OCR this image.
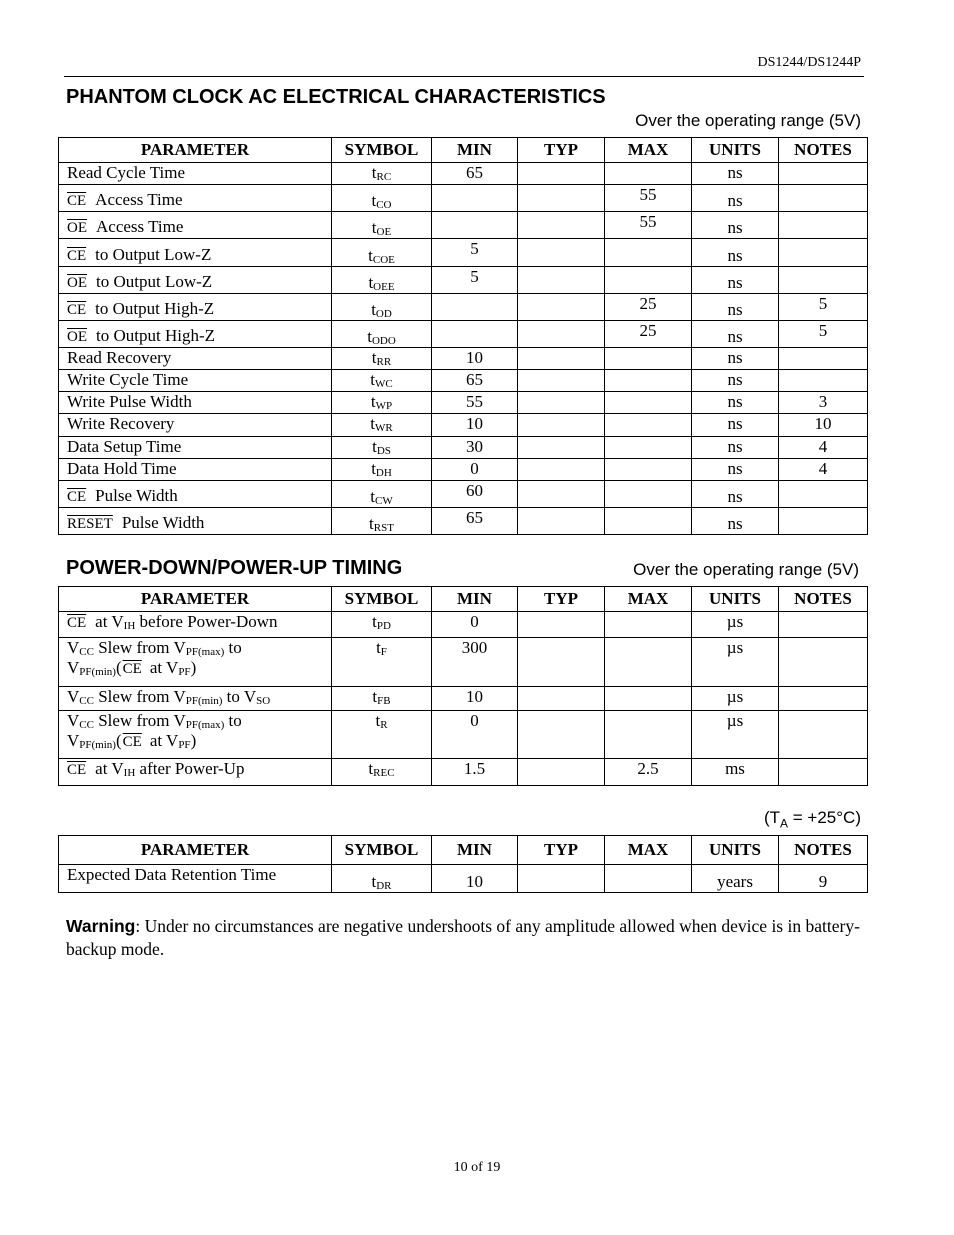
DS1244/DS1244P
PHANTOM CLOCK AC ELECTRICAL CHARACTERISTICS
Over the operating range (5V)
PARAMETER	SYMBOL	MIN	TYP	MAX	UNITS	NOTES
Read Cycle Time	$t_{RC}$	65			ns	
$\overline{CE}$ Access Time	$t_{CO}$			55	ns	
$\overline{OE}$ Access Time	$t_{OE}$			55	ns	
$\overline{CE}$ to Output Low-Z	$t_{COE}$	5			ns	
$\overline{OE}$ to Output Low-Z	$t_{OEE}$	5			ns	
$\overline{CE}$ to Output High-Z	$t_{OD}$			25	ns	5
$\overline{OE}$ to Output High-Z	$t_{ODO}$			25	ns	5
Read Recovery	$t_{RR}$	10			ns	
Write Cycle Time	$t_{WC}$	65			ns	
Write Pulse Width	$t_{WP}$	55			ns	3
Write Recovery	$t_{WR}$	10			ns	10
Data Setup Time	$t_{DS}$	30			ns	4
Data Hold Time	$t_{DH}$	0			ns	4
$\overline{CE}$ Pulse Width	$t_{CW}$	60			ns	
RESET Pulse Width	$t_{RST}$	65			ns	
POWER-DOWN/POWER-UP TIMING	Over the operating range (5V)
PARAMETER	SYMBOL	MIN	TYP	MAX	UNITS	NOTES
$\overline{CE}$ at $V_{IH}$ before Power-Down	$t_{PD}$	0			µs	
$V_{CC}$ Slew from $V_{PF(max)}$ to
$V_{PF(min)}(\overline{CE}$ at $V_{PF}$)	$t_F$	300			µs	
$V_{CC}$ Slew from $V_{PF(min)}$ to $V_{SO}$	$t_{FB}$	10			µs	
$V_{CC}$ Slew from $V_{PF(max)}$ to
$V_{PF(min)}(\overline{CE}$ at $V_{PF}$)	$t_R$	0			µs	
$\overline{CE}$ at $V_{IH}$ after Power-Up	$t_{REC}$	1.5		2.5	ms	
$(T_A = +25^\circ C)$
PARAMETER	SYMBOL	MIN	TYP	MAX	UNITS	NOTES
Expected Data Retention Time	$t_{DR}$	10			years	9
Warning: Under no circumstances are negative undershoots of any amplitude allowed when device is in battery-backup mode.
10 of 19
